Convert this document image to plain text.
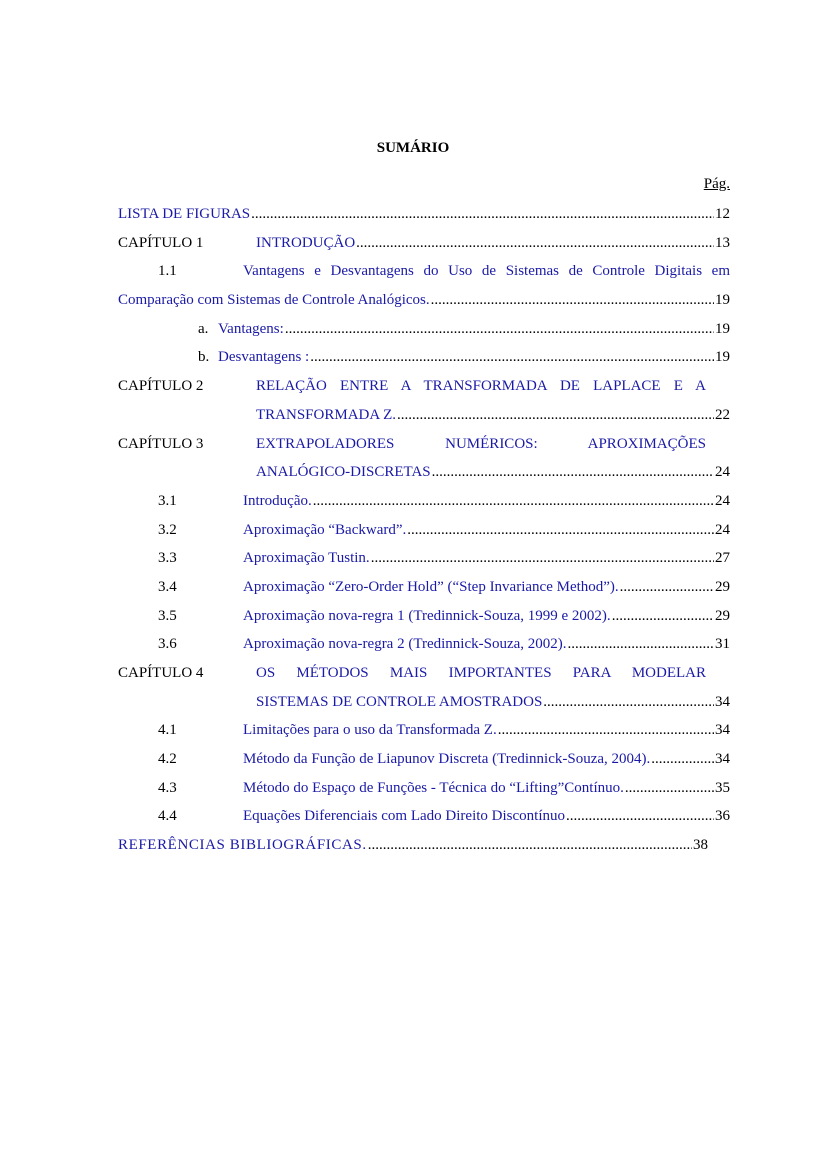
SUMÁRIO
Pág.
LISTA DE FIGURAS .....	12
CAPÍTULO 1	INTRODUÇÃO .....	13
1.1	Vantagens e Desvantagens do Uso de Sistemas de Controle Digitais em
Comparação com Sistemas de Controle Analógicos. .....	19
a. Vantagens: .....	19
b. Desvantagens : .....	19
CAPÍTULO 2	RELAÇÃO ENTRE A TRANSFORMADA DE LAPLACE E A
TRANSFORMADA Z. .....	22
CAPÍTULO 3	EXTRAPOLADORES NUMÉRICOS: APROXIMAÇÕES
ANALÓGICO-DISCRETAS .....	24
3.1	Introdução. .....	24
3.2	Aproximação “Backward”. .....	24
3.3	Aproximação Tustin. .....	27
3.4	Aproximação “Zero-Order Hold” (“Step Invariance Method”). .....	29
3.5	Aproximação nova-regra 1 (Tredinnick-Souza, 1999 e 2002). .....	29
3.6	Aproximação nova-regra 2 (Tredinnick-Souza, 2002). .....	31
CAPÍTULO 4	OS MÉTODOS MAIS IMPORTANTES PARA MODELAR
SISTEMAS DE CONTROLE AMOSTRADOS .....	34
4.1	Limitações para o uso da Transformada Z. .....	34
4.2	Método da Função de Liapunov Discreta (Tredinnick-Souza, 2004). .....	34
4.3	Método do Espaço de Funções - Técnica do “Lifting”Contínuo. .....	35
4.4	Equações Diferenciais com Lado Direito Discontínuo .....	36
REFERÊNCIAS BIBLIOGRÁFICAS. .....	38
